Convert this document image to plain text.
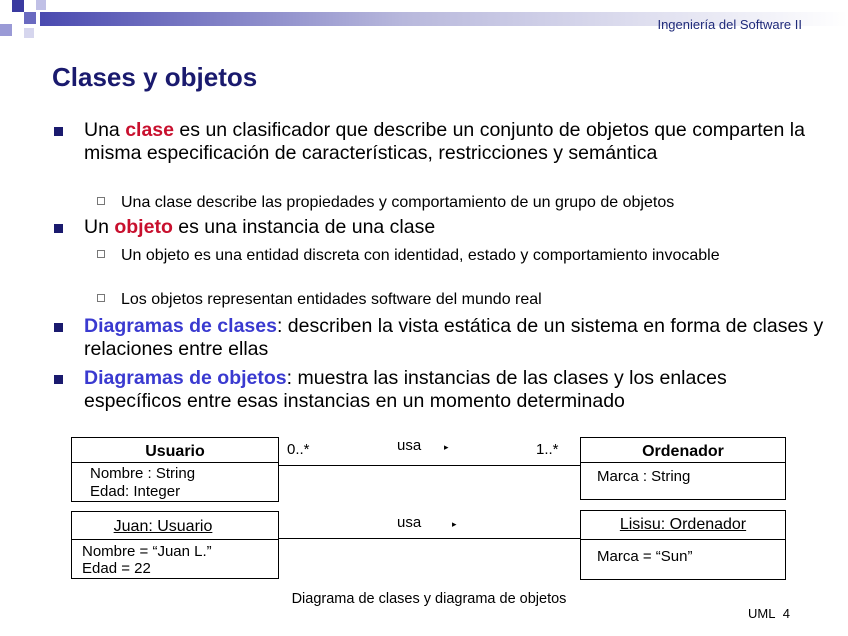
Ingeniería del Software II
Clases y objetos
Una clase es un clasificador que describe un conjunto de objetos que comparten la misma especificación de características, restricciones y semántica
Una clase describe las propiedades y comportamiento de un grupo de objetos
Un objeto es una instancia de una clase
Un objeto es una entidad discreta con identidad, estado y comportamiento invocable
Los objetos representan entidades software del mundo real
Diagramas de clases: describen la vista estática de un sistema en forma de clases y relaciones entre ellas
Diagramas de objetos: muestra las instancias de las clases y los enlaces específicos entre esas instancias en un momento determinado
Usuario
Nombre : String
Edad: Integer
Ordenador
Marca : String
0..*	usa	▸	1..*
Juan: Usuario
Nombre = “Juan L.”
Edad = 22
Lisisu: Ordenador
Marca = “Sun”
usa	▸
Diagrama de clases y diagrama de objetos
UML 4
